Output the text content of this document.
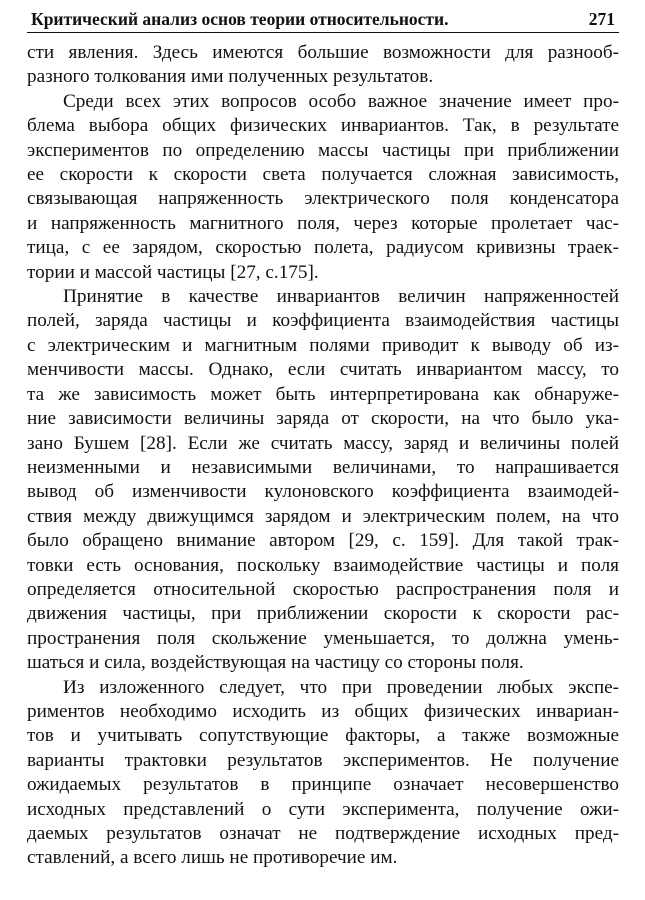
Критический анализ основ теории относительности.	271
сти явления. Здесь имеются большие возможности для разнооб-
разного толкования ими полученных результатов.
Среди всех этих вопросов особо важное значение имеет про-
блема выбора общих физических инвариантов. Так, в результате
экспериментов по определению массы частицы при приближении
ее скорости к скорости света получается сложная зависимость,
связывающая напряженность электрического поля конденсатора
и напряженность магнитного поля, через которые пролетает час-
тица, с ее зарядом, скоростью полета, радиусом кривизны траек-
тории и массой частицы [27, с.175].
Принятие в качестве инвариантов величин напряженностей
полей, заряда частицы и коэффициента взаимодействия частицы
с электрическим и магнитным полями приводит к выводу об из-
менчивости массы. Однако, если считать инвариантом массу, то
та же зависимость может быть интерпретирована как обнаруже-
ние зависимости величины заряда от скорости, на что было ука-
зано Бушем [28]. Если же считать массу, заряд и величины полей
неизменными и независимыми величинами, то напрашивается
вывод об изменчивости кулоновского коэффициента взаимодей-
ствия между движущимся зарядом и электрическим полем, на что
было обращено внимание автором [29, с. 159]. Для такой трак-
товки есть основания, поскольку взаимодействие частицы и поля
определяется относительной скоростью распространения поля и
движения частицы, при приближении скорости к скорости рас-
пространения поля скольжение уменьшается, то должна умень-
шаться и сила, воздействующая на частицу со стороны поля.
Из изложенного следует, что при проведении любых экспе-
риментов необходимо исходить из общих физических инвариан-
тов и учитывать сопутствующие факторы, а также возможные
варианты трактовки результатов экспериментов. Не получение
ожидаемых результатов в принципе означает несовершенство
исходных представлений о сути эксперимента, получение ожи-
даемых результатов означат не подтверждение исходных пред-
ставлений, а всего лишь не противоречие им.
